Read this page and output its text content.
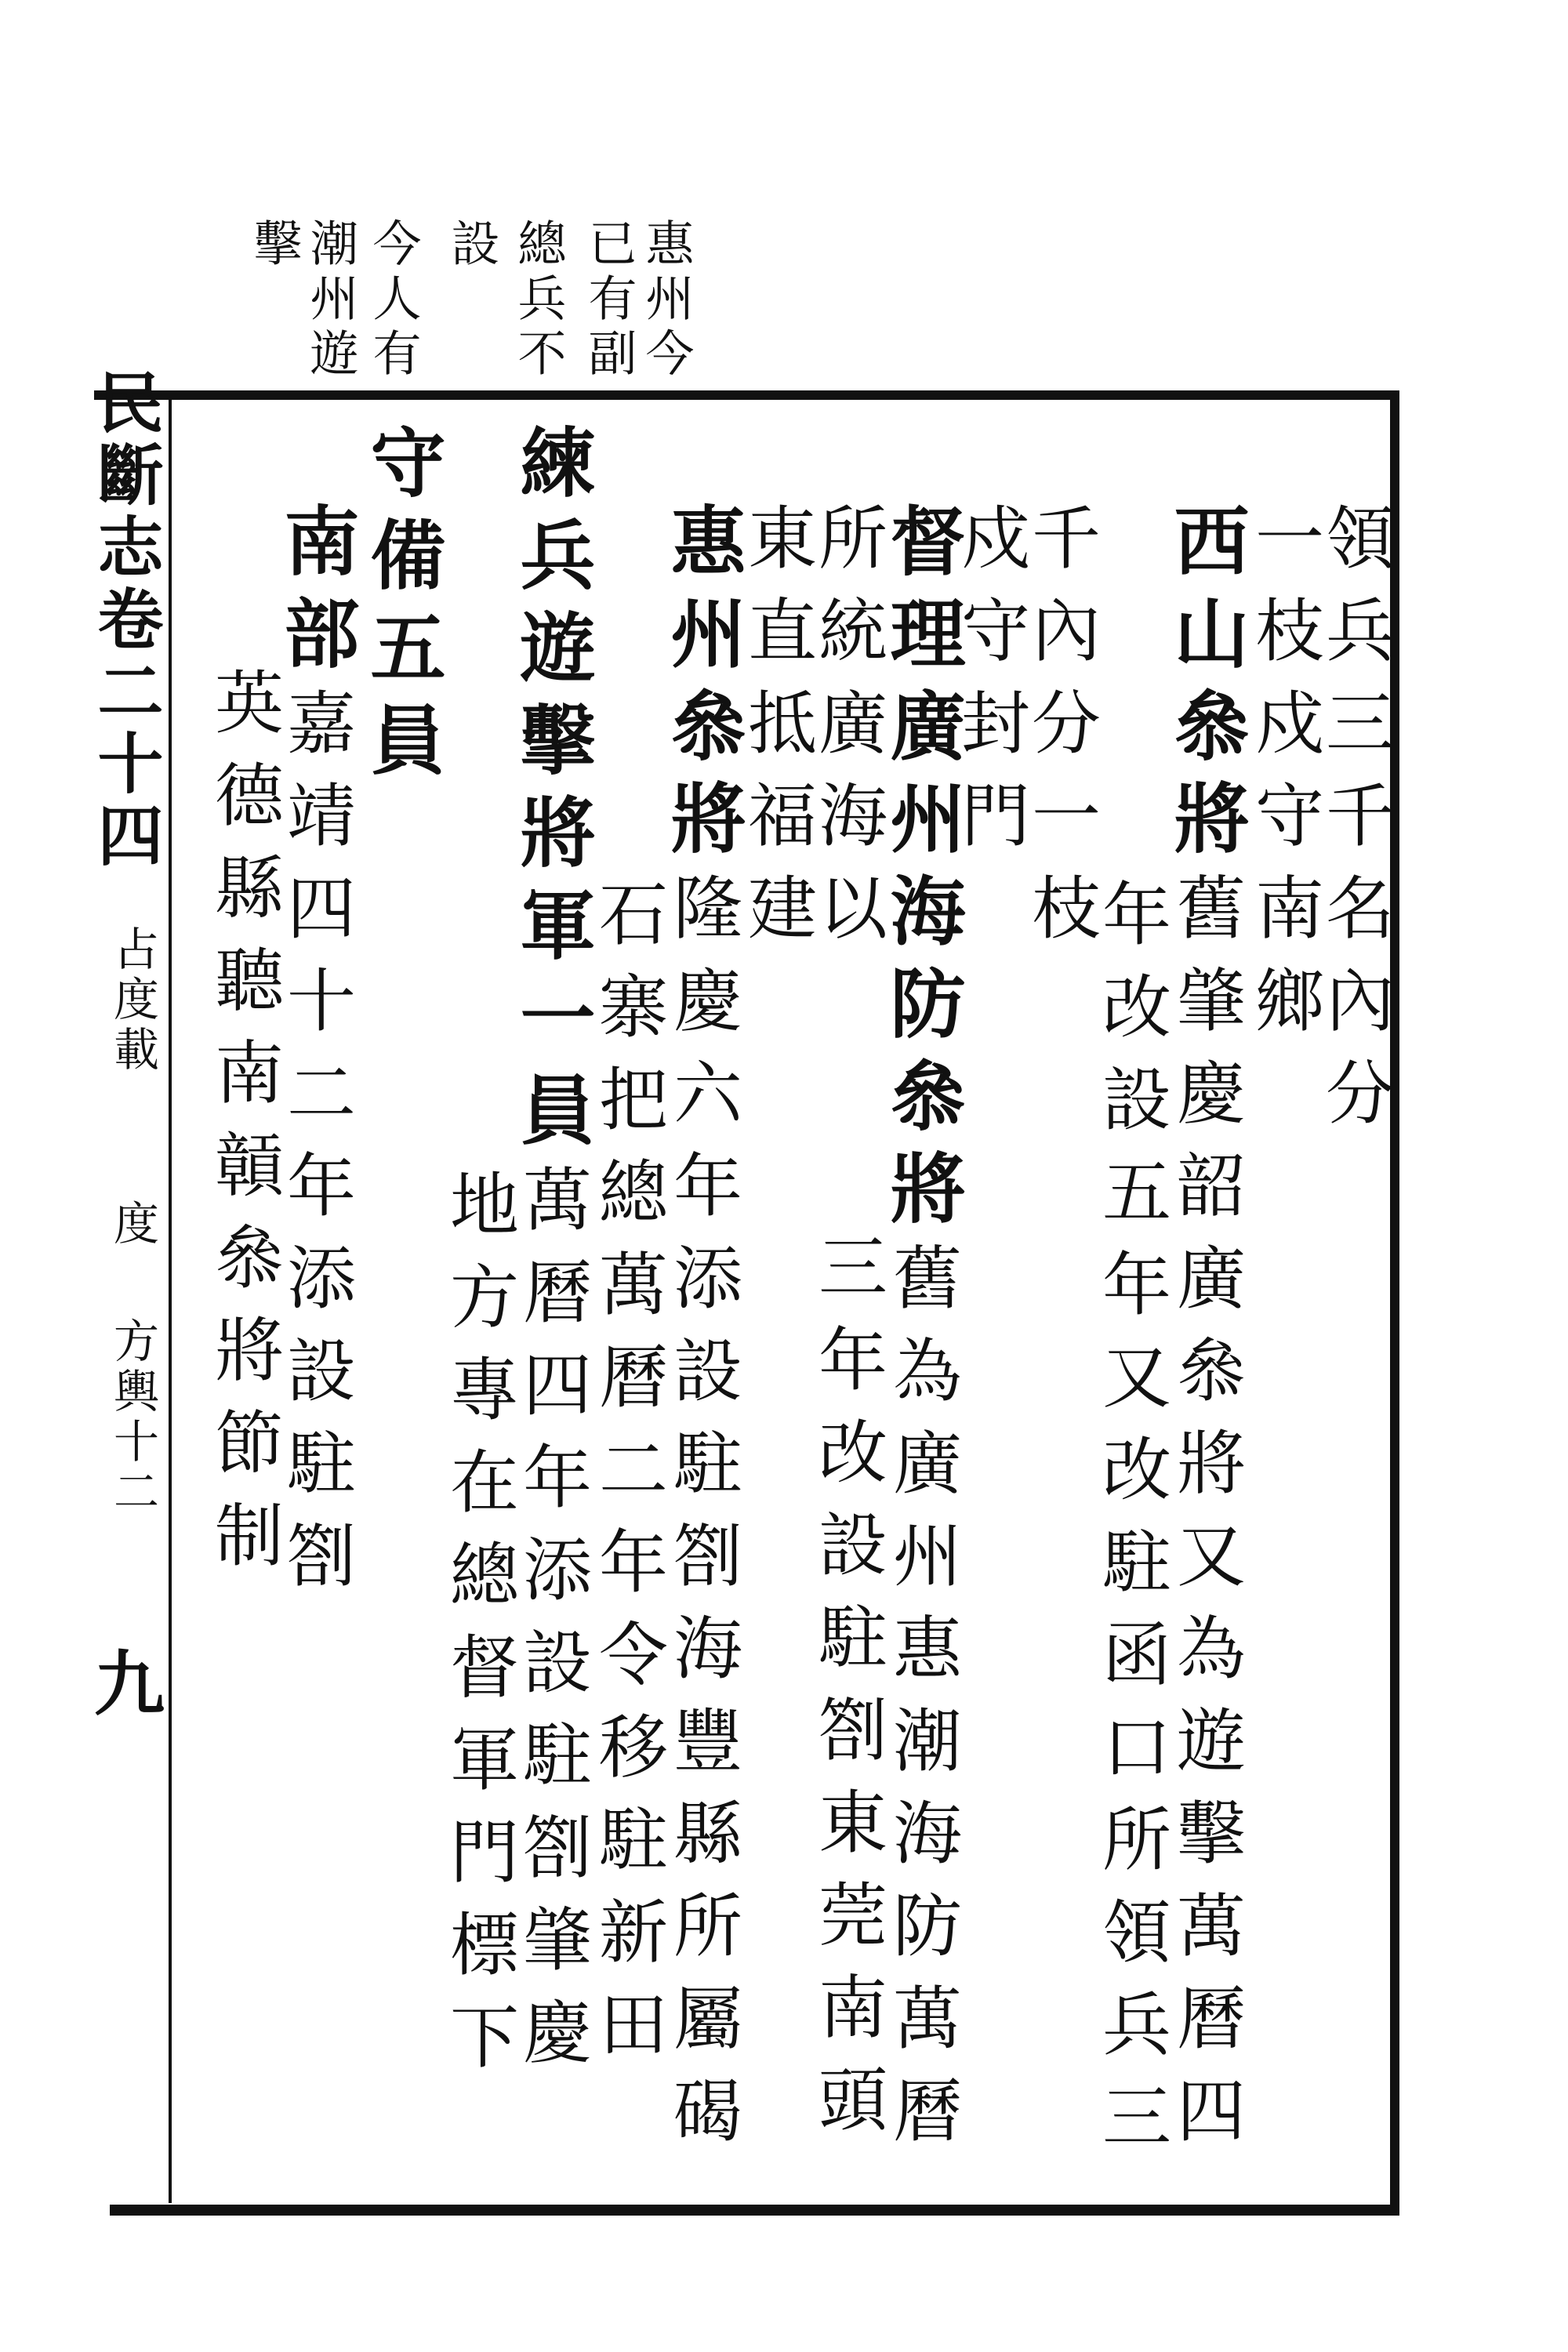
惠州今
已有副
總兵不
設
今人有
潮州遊
擊
領兵三千名內分
一枝戍守南鄉
西山叅將舊肇慶韶廣叅將又為遊擊萬曆四
年改設五年又改駐函口所領兵三
千內分一枝
戍守封門
督理廣州海防叅將舊為廣州惠潮海防萬曆
三年改設駐劄東莞南頭
所統廣海以
東直抵福建
惠州叅將隆慶六年添設駐劄海豐縣所屬碣
石寨把總萬曆二年令移駐新田
練兵遊擊將軍一員萬曆四年添設駐劄肇慶
地方專在總督軍門標下
守備五員
南部嘉靖四十二年添設駐劄
英德縣聽南贑叅將節制
民斷志卷二十四
占度載
度
方輿十二
九
